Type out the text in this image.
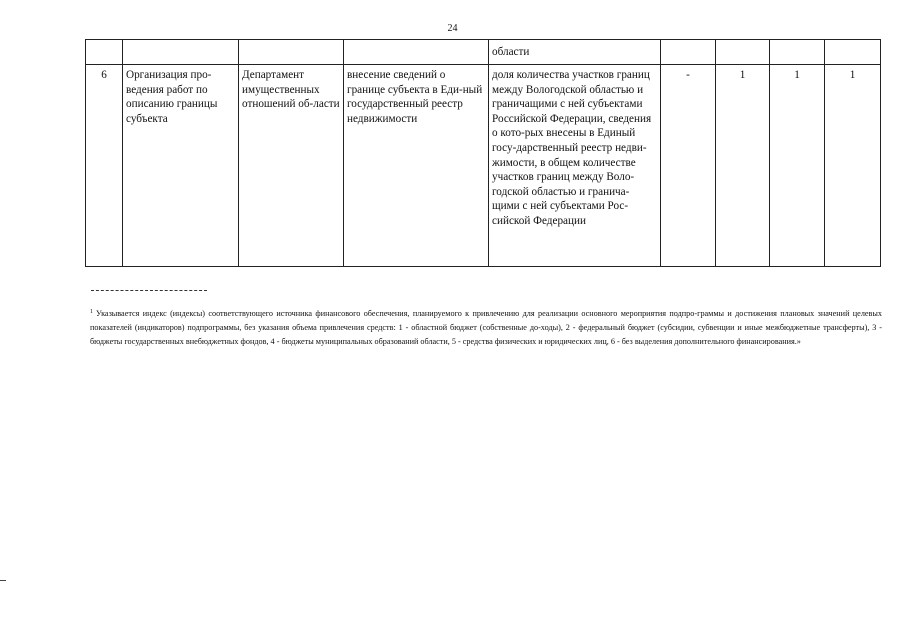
24
				области				
6	Организация про-ведения работ по описанию границы субъекта	Департамент имущественных отношений об-ласти	внесение сведений о границе субъекта в Еди-ный государственный реестр недвижимости	доля количества участков границ между Вологодской областью и граничащими с ней субъектами Российской Федерации, сведения о кото-рых внесены в Единый госу-дарственный реестр недви-жимости, в общем количестве участков границ между Воло-годской областью и гранича-щими с ней субъектами Рос-сийской Федерации	-	1	1	1
$^1$ Указывается индекс (индексы) соответствующего источника финансового обеспечения, планируемого к привлечению для реализации основного мероприятия подпро-граммы и достижения плановых значений целевых показателей (индикаторов) подпрограммы, без указания объема привлечения средств: 1 - областной бюджет (собственные до-ходы), 2 - федеральный бюджет (субсидии, субвенции и иные межбюджетные трансферты), 3 - бюджеты государственных внебюджетных фондов, 4 - бюджеты муниципальных образований области, 5 - средства физических и юридических лиц, 6 - без выделения дополнительного финансирования.»
